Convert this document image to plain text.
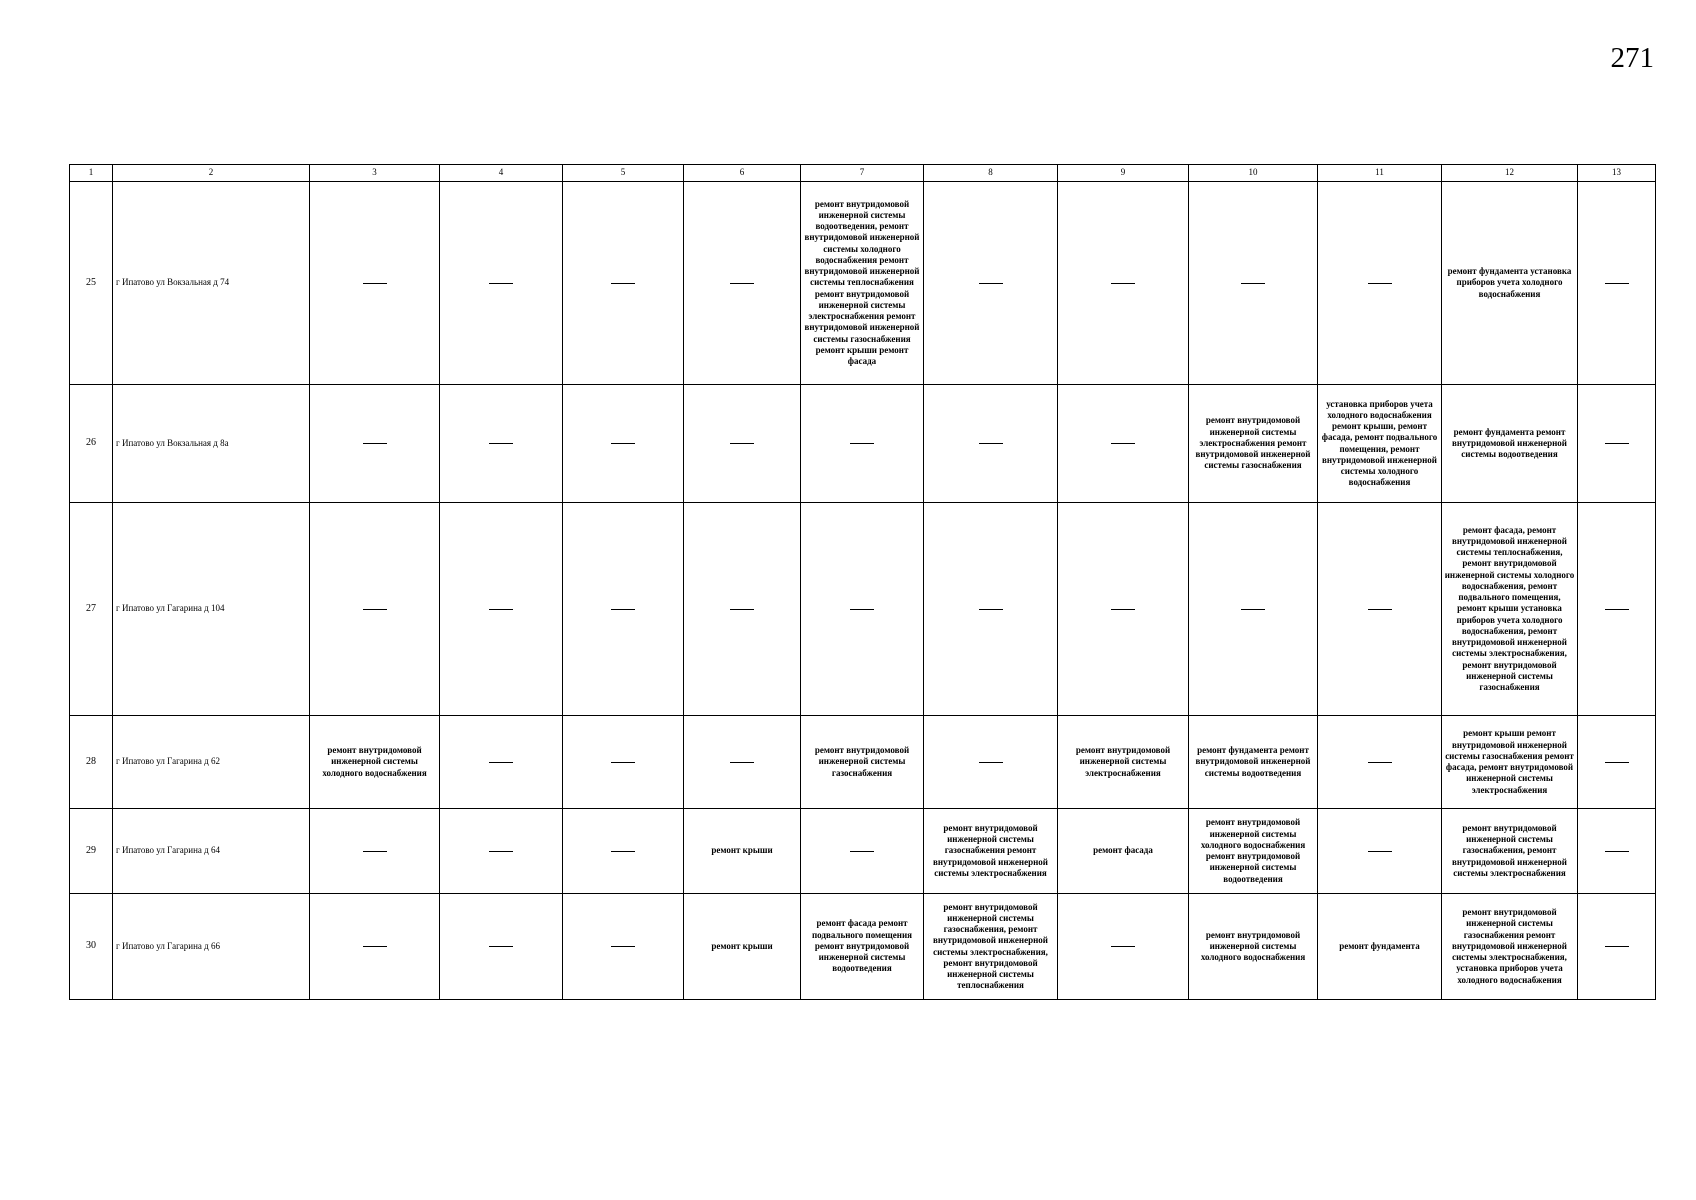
271
1	2	3	4	5	6	7	8	9	10	11	12	13
25	г Ипатово ул Вокзальная д 74					ремонт внутридомовой инженерной системы водоотведения, ремонт внутридомовой инженерной системы холодного водоснабжения ремонт внутридомовой инженерной системы теплоснабжения ремонт внутридомовой инженерной системы электроснабжения ремонт внутридомовой инженерной системы газоснабжения ремонт крыши ремонт фасада					ремонт фундамента установка приборов учета холодного водоснабжения	

26	г Ипатово ул Вокзальная д 8а								ремонт внутридомовой инженерной системы электроснабжения ремонт внутридомовой инженерной системы газоснабжения	установка приборов учета холодного водоснабжения ремонт крыши, ремонт фасада, ремонт подвального помещения, ремонт внутридомовой инженерной системы холодного водоснабжения	ремонт фундамента ремонт внутридомовой инженерной системы водоотведения	

27	г Ипатово ул Гагарина д 104										ремонт фасада, ремонт внутридомовой инженерной системы теплоснабжения, ремонт внутридомовой инженерной системы холодного водоснабжения, ремонт подвального помещения, ремонт крыши установка приборов учета холодного водоснабжения, ремонт внутридомовой инженерной системы электроснабжения, ремонт внутридомовой инженерной системы газоснабжения	

28	г Ипатово ул Гагарина д 62	ремонт внутридомовой инженерной системы холодного водоснабжения				ремонт внутридомовой инженерной системы газоснабжения		ремонт внутридомовой инженерной системы электроснабжения	ремонт фундамента ремонт внутридомовой инженерной системы водоотведения		ремонт крыши ремонт внутридомовой инженерной системы газоснабжения ремонт фасада, ремонт внутридомовой инженерной системы электроснабжения	

29	г Ипатово ул Гагарина д 64				ремонт крыши		ремонт внутридомовой инженерной системы газоснабжения ремонт внутридомовой инженерной системы электроснабжения	ремонт фасада	ремонт внутридомовой инженерной системы холодного водоснабжения ремонт внутридомовой инженерной системы водоотведения		ремонт внутридомовой инженерной системы газоснабжения, ремонт внутридомовой инженерной системы электроснабжения	

30	г Ипатово ул Гагарина д 66				ремонт крыши	ремонт фасада ремонт подвального помещения ремонт внутридомовой инженерной системы водоотведения	ремонт внутридомовой инженерной системы газоснабжения, ремонт внутридомовой инженерной системы электроснабжения, ремонт внутридомовой инженерной системы теплоснабжения		ремонт внутридомовой инженерной системы холодного водоснабжения	ремонт фундамента	ремонт внутридомовой инженерной системы газоснабжения ремонт внутридомовой инженерной системы электроснабжения, установка приборов учета холодного водоснабжения	
